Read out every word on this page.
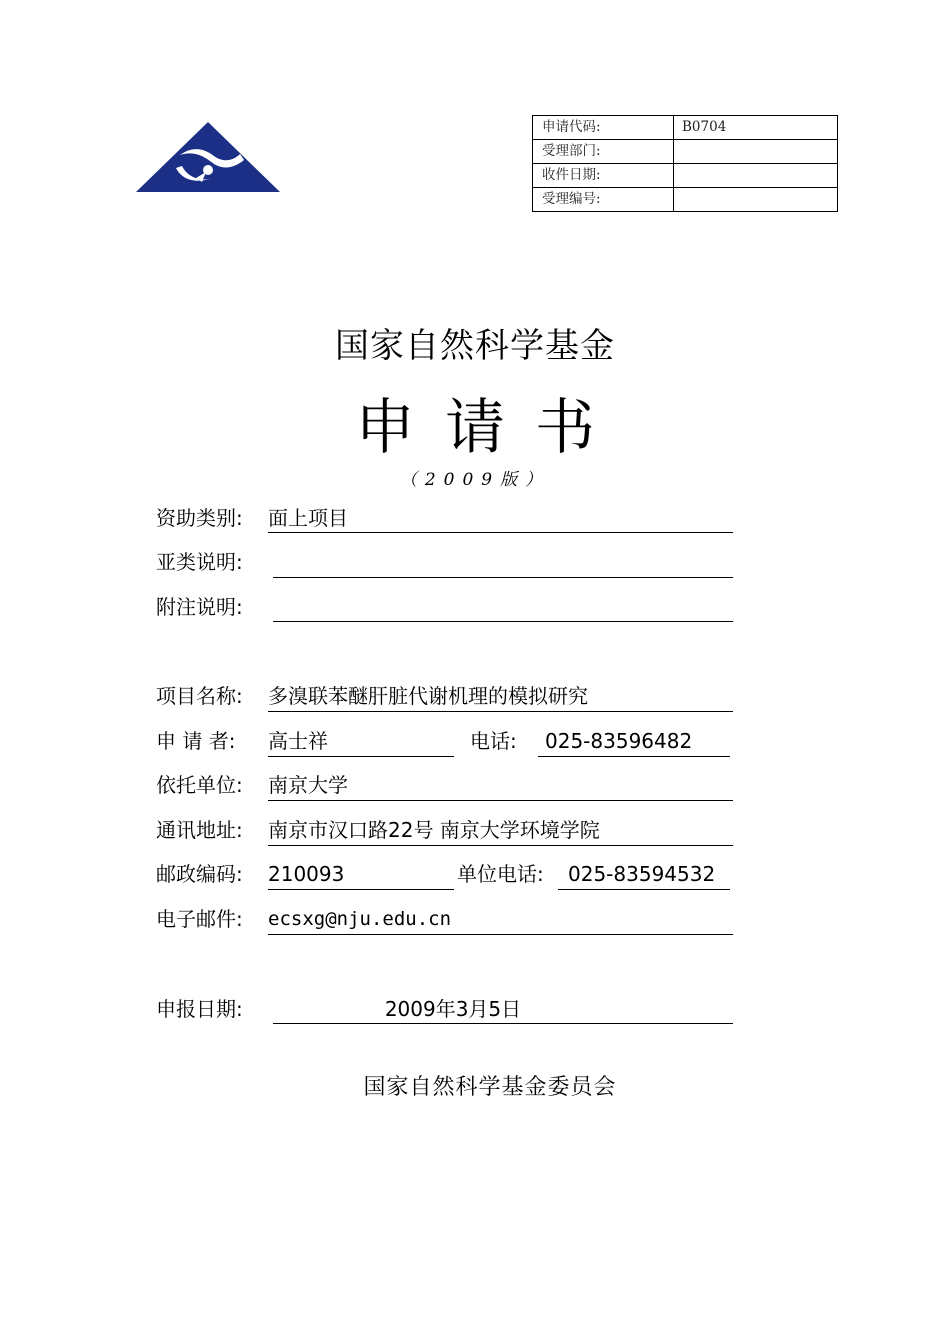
申请代码:	B0704
受理部门:	
收件日期:	
受理编号:	
国家自然科学基金
申请书
（2009版）
资助类别: 面上项目
亚类说明:
附注说明:
项目名称: 多溴联苯醚肝脏代谢机理的模拟研究
申 请 者: 高士祥	电话: 025-83596482
依托单位: 南京大学
通讯地址: 南京市汉口路22号 南京大学环境学院
邮政编码: 210093	单位电话: 025-83594532
电子邮件: ecsxg@nju.edu.cn
申报日期:	2009年3月5日
国家自然科学基金委员会
